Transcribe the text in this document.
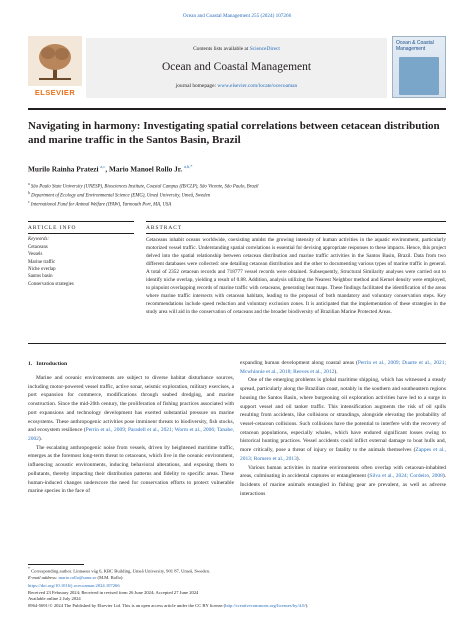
Ocean and Coastal Management 255 (2024) 107266
ELSEVIER
Contents lists available at ScienceDirect
Ocean and Coastal Management
journal homepage: www.elsevier.com/locate/ocecoaman
Ocean & Coastal Management
Navigating in harmony: Investigating spatial correlations between cetacean distribution and marine traffic in the Santos Basin, Brazil
Murilo Rainha Pratezi $^{a,c}$, Mario Manoel Rollo Jr. $^{a,b,*}$
$^a$ São Paulo State University (UNESP), Biosciences Institute, Coastal Campus (IB/CLP), São Vicente, São Paulo, Brazil
$^b$ Department of Ecology and Environmental Science (EMG), Umeå University, Umeå, Sweden
$^c$ International Fund for Animal Welfare (IFAW), Yarmouth Port, MA, USA
ARTICLE INFO	ABSTRACT
Keywords:
Cetaceans
Vessels
Marine traffic
Niche overlap
Santos basin
Conservation strategies

Cetaceans inhabit oceans worldwide, coexisting amidst the growing intensity of human activities in the aquatic environment, particularly motorized vessel traffic. Understanding spatial correlations is essential for devising appropriate responses to these impacts. Hence, this project delved into the spatial relationship between cetacean distribution and marine traffic activities in the Santos Basin, Brazil. Data from two different databases were collected: one detailing cetacean distribution and the other to documenting various types of marine traffic in general. A total of 2352 cetacean records and 718777 vessel records were obtained. Subsequently, Structural Similarity analyses were carried out to identify niche overlap, yielding a result of 0.88. Addition, analysis utilizing the Nearest Neighbor method and Kernel density were employed, to pinpoint overlapping records of marine traffic with cetaceans, generating heat maps. These findings facilitated the identification of the areas where marine traffic intersects with cetacean habitats, leading to the proposal of both mandatory and voluntary conservation steps. Key recommendations include speed reduction and voluntary exclusion zones. It is anticipated that the implementation of these strategies in the study area will aid in the conservation of cetaceans and the broader biodiversity of Brazilian Marine Protected Areas.

1. Introduction

Marine and oceanic environments are subject to diverse habitat disturbance sources, including motor-powered vessel traffic, active sonar, seismic exploration, military exercises, a port expansion for commerce, modifications through seabed dredging, and marine construction. Since the mid-20th century, the proliferation of fishing practices associated with port expansions and technology development has exerted substantial pressure on marine ecosystems. These anthropogenic activities pose imminent threats to biodiversity, fish stocks, and ecosystem resilience (Perrin et al., 2009; Paradell et al., 2021; Worm et al., 2006; Tanabe, 2002).

The escalating anthropogenic noise from vessels, driven by heightened maritime traffic, emerges as the foremost long-term threat to cetaceans, which live in the oceanic environment, influencing acoustic environments, inducing behavioral alterations, and exposing them to pollutants, thereby impacting their distribution patterns and fidelity to specific areas. These human-induced changes underscore the need for conservation efforts to protect vulnerable marine species in the face of

expanding human development along coastal areas (Perrin et al., 2009; Duarte et al., 2021; Mcwhinnie et al., 2018; Reeves et al., 2012).

One of the emerging problems is global maritime shipping, which has witnessed a steady spread, particularly along the Brazilian coast, notably in the southern and southeastern regions housing the Santos Basin, where burgeoning oil exploration activities have led to a surge in support vessel and oil tanker traffic. This intensification augments the risk of oil spills resulting from accidents, like collisions or strandings, alongside elevating the probability of vessel-cetacean collisions. Such collisions have the potential to interfere with the recovery of cetacean populations, especially whales, which have endured significant losses owing to historical hunting practices. Vessel accidents could inflict external damage to boat hulls and, more critically, pose a threat of injury or fatality to the animals themselves (Zappes et al., 2013; Romero et al., 2013).

Various human activities in marine environments often overlap with cetacean-inhabited areas, culminating in accidental captures or entanglement (Silva et al., 2024; Cordeiro, 2008). Incidents of marine animals entangled in fishing gear are prevalent, as well as adverse interactions

* Corresponding author. Linnaeus väg 6, KBC Building, Umeå University, 901 87, Umeå, Sweden.
E-mail address: mario.rollo@umu.se (M.M. Rollo).
https://doi.org/10.1016/j.ocecoaman.2024.107266
Received 23 February 2024; Received in revised form 26 June 2024; Accepted 27 June 2024
Available online 2 July 2024
0964-5691/© 2024 The Published by Elsevier Ltd. This is an open access article under the CC BY license (http://creativecommons.org/licenses/by/4.0/).
